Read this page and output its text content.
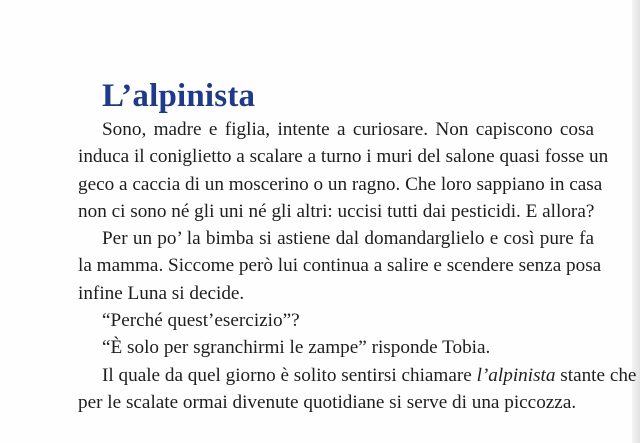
L’alpinista
Sono, madre e figlia, intente a curiosare. Non capiscono cosa
induca il coniglietto a scalare a turno i muri del salone quasi fosse un
geco a caccia di un moscerino o un ragno. Che loro sappiano in casa
non ci sono né gli uni né gli altri: uccisi tutti dai pesticidi. E allora?
Per un po’ la bimba si astiene dal domandarglielo e così pure fa
la mamma. Siccome però lui continua a salire e scendere senza posa
infine Luna si decide.
“Perché quest’esercizio”?
“È solo per sgranchirmi le zampe” risponde Tobia.
Il quale da quel giorno è solito sentirsi chiamare l’alpinista stante che
per le scalate ormai divenute quotidiane si serve di una piccozza.
